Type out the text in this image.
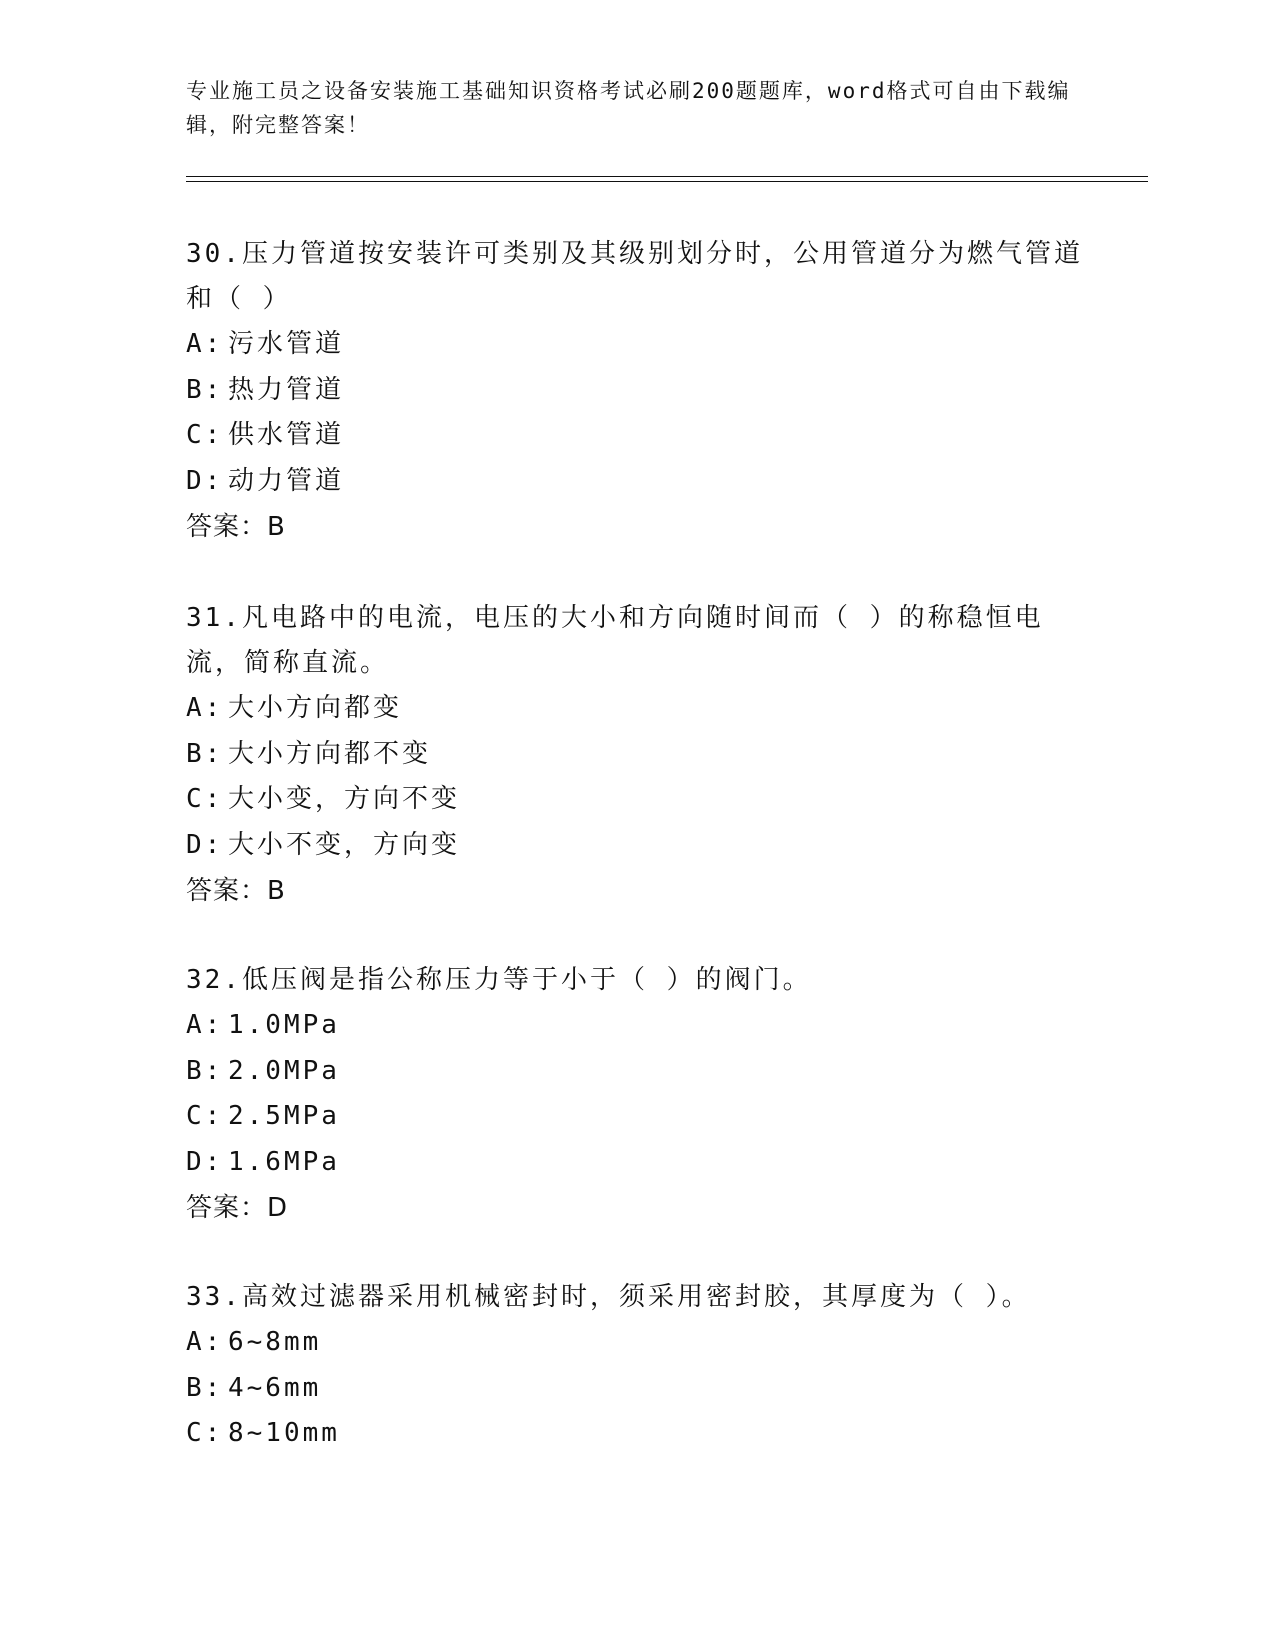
专业施工员之设备安装施工基础知识资格考试必刷200题题库，word格式可自由下载编辑，附完整答案！
30.压力管道按安装许可类别及其级别划分时，公用管道分为燃气管道和（ ）
A: 污水管道
B: 热力管道
C: 供水管道
D: 动力管道
答案：B
31.凡电路中的电流，电压的大小和方向随时间而（ ）的称稳恒电流，简称直流。
A: 大小方向都变
B: 大小方向都不变
C: 大小变，方向不变
D: 大小不变，方向变
答案：B
32.低压阀是指公称压力等于小于（ ）的阀门。
A: 1.0MPa
B: 2.0MPa
C: 2.5MPa
D: 1.6MPa
答案：D
33.高效过滤器采用机械密封时，须采用密封胶，其厚度为（ ）。
A: 6~8mm
B: 4~6mm
C: 8~10mm
